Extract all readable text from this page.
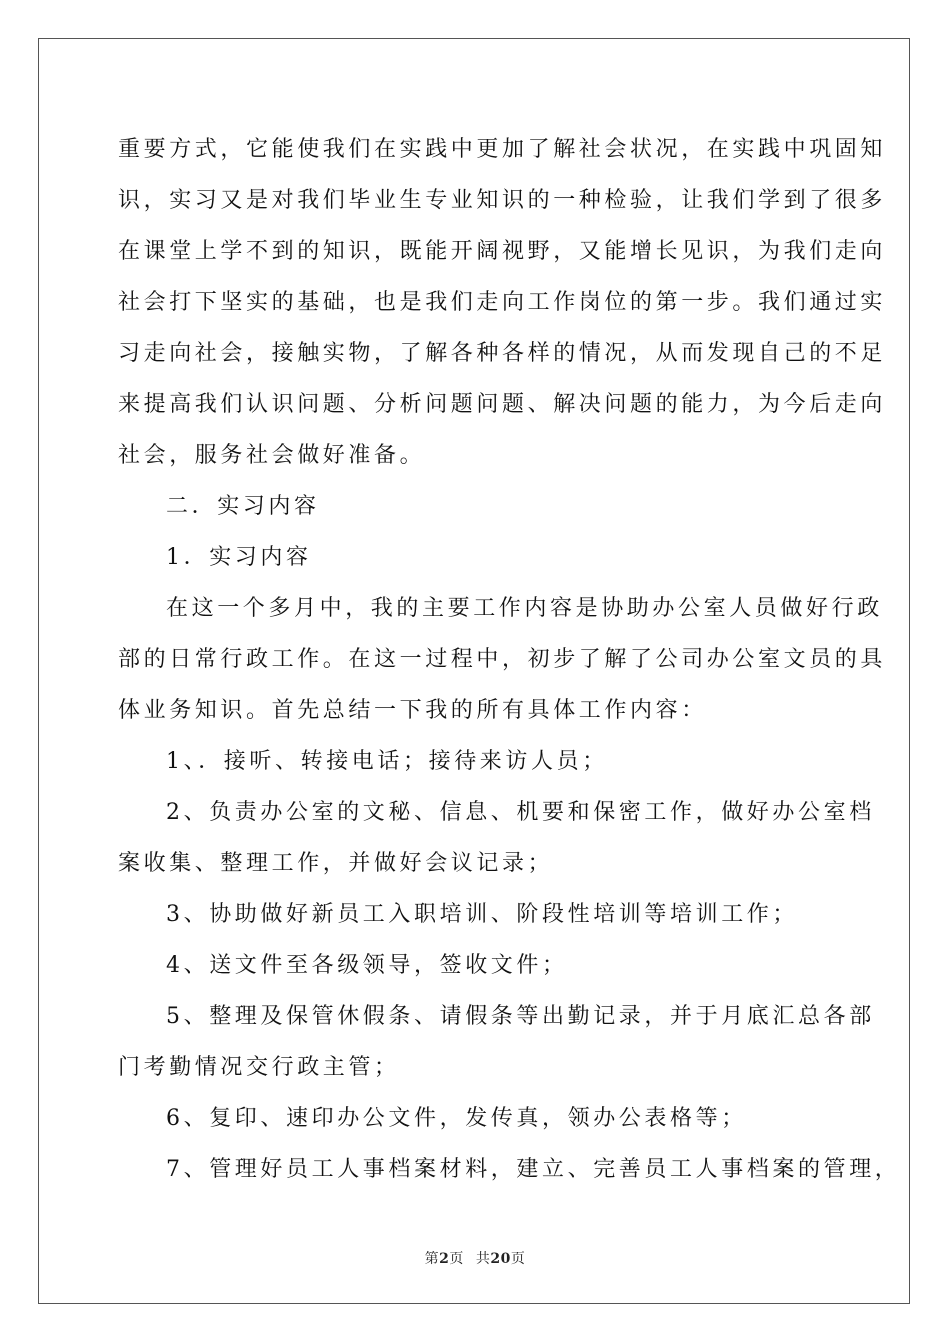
重要方式，它能使我们在实践中更加了解社会状况，在实践中巩固知
识，实习又是对我们毕业生专业知识的一种检验，让我们学到了很多
在课堂上学不到的知识，既能开阔视野，又能增长见识，为我们走向
社会打下坚实的基础，也是我们走向工作岗位的第一步。我们通过实
习走向社会，接触实物，了解各种各样的情况，从而发现自己的不足
来提高我们认识问题、分析问题问题、解决问题的能力，为今后走向
社会，服务社会做好准备。
二．实习内容
1．实习内容
在这一个多月中，我的主要工作内容是协助办公室人员做好行政
部的日常行政工作。在这一过程中，初步了解了公司办公室文员的具
体业务知识。首先总结一下我的所有具体工作内容：
1、．接听、转接电话；接待来访人员；
2、负责办公室的文秘、信息、机要和保密工作，做好办公室档
案收集、整理工作，并做好会议记录；
3、协助做好新员工入职培训、阶段性培训等培训工作；
4、送文件至各级领导，签收文件；
5、整理及保管休假条、请假条等出勤记录，并于月底汇总各部
门考勤情况交行政主管；
6、复印、速印办公文件，发传真，领办公表格等；
7、管理好员工人事档案材料，建立、完善员工人事档案的管理，
第2页 共20页
